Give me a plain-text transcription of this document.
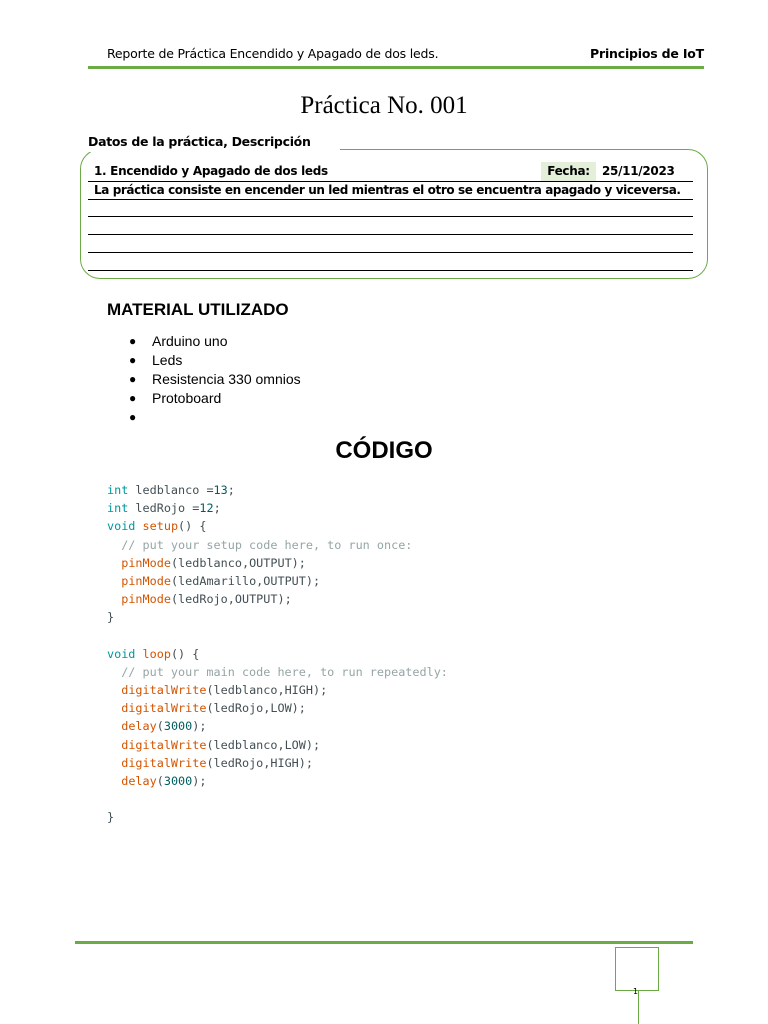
Reporte de Práctica Encendido y Apagado de dos leds.	Principios de IoT
Práctica No. 001
Datos de la práctica, Descripción
1. Encendido y Apagado de dos leds	Fecha:	25/11/2023
La práctica consiste en encender un led mientras el otro se encuentra apagado y viceversa.
MATERIAL UTILIZADO
● Arduino uno
● Leds
● Resistencia 330 omnios
● Protoboard
●
CÓDIGO
int ledblanco =13;
int ledRojo =12;
void setup() {
// put your setup code here, to run once:
pinMode(ledblanco,OUTPUT);
pinMode(ledAmarillo,OUTPUT);
pinMode(ledRojo,OUTPUT);
}
void loop() {
// put your main code here, to run repeatedly:
digitalWrite(ledblanco,HIGH);
digitalWrite(ledRojo,LOW);
delay(3000);
digitalWrite(ledblanco,LOW);
digitalWrite(ledRojo,HIGH);
delay(3000);
}
1
